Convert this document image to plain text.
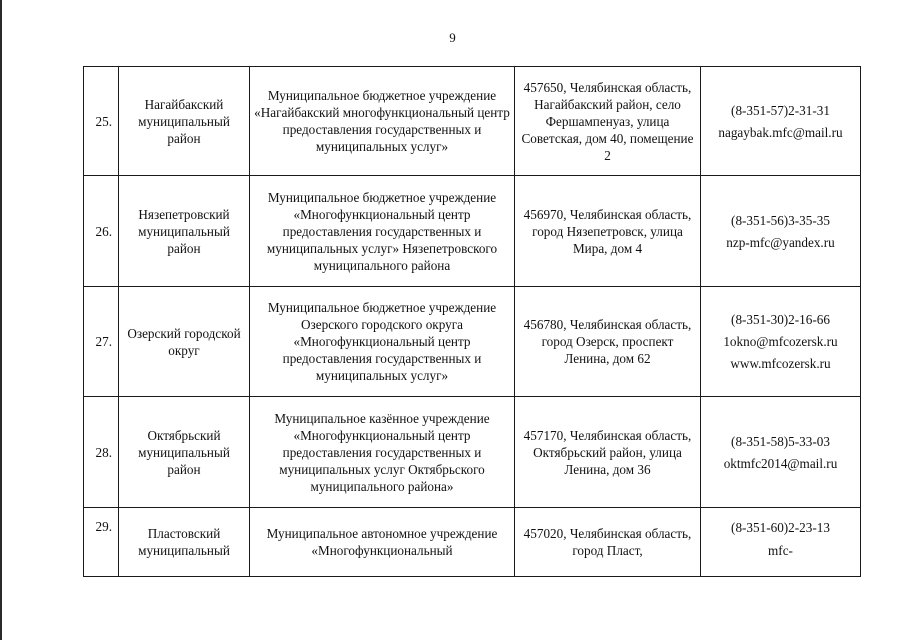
9
25.	Нагайбакский муниципальный район	Муниципальное бюджетное учреждение «Нагайбакский многофункциональный центр предоставления государственных и муниципальных услуг»	457650, Челябинская область, Нагайбакский район, село Фершампенуаз, улица Советская, дом 40, помещение 2	(8-351-57)2-31-31
nagaybak.mfc@mail.ru

26.	Нязепетровский муниципальный район	Муниципальное бюджетное учреждение «Многофункциональный центр предоставления государственных и муниципальных услуг» Нязепетровского муниципального района	456970, Челябинская область, город Нязепетровск, улица Мира, дом 4	(8-351-56)3-35-35
nzp-mfc@yandex.ru

27.	Озерский городской округ	Муниципальное бюджетное учреждение Озерского городского округа «Многофункциональный центр предоставления государственных и муниципальных услуг»	456780, Челябинская область, город Озерск, проспект Ленина, дом 62	(8-351-30)2-16-66
1okno@mfcozersk.ru
www.mfcozersk.ru

28.	Октябрьский муниципальный район	Муниципальное казённое учреждение «Многофункциональный центр предоставления государственных и муниципальных услуг Октябрьского муниципального района»	457170, Челябинская область, Октябрьский район, улица Ленина, дом 36	(8-351-58)5-33-03
oktmfc2014@mail.ru

29.	Пластовский муниципальный	Муниципальное автономное учреждение «Многофункциональный	457020, Челябинская область, город Пласт,	(8-351-60)2-23-13
mfc-
